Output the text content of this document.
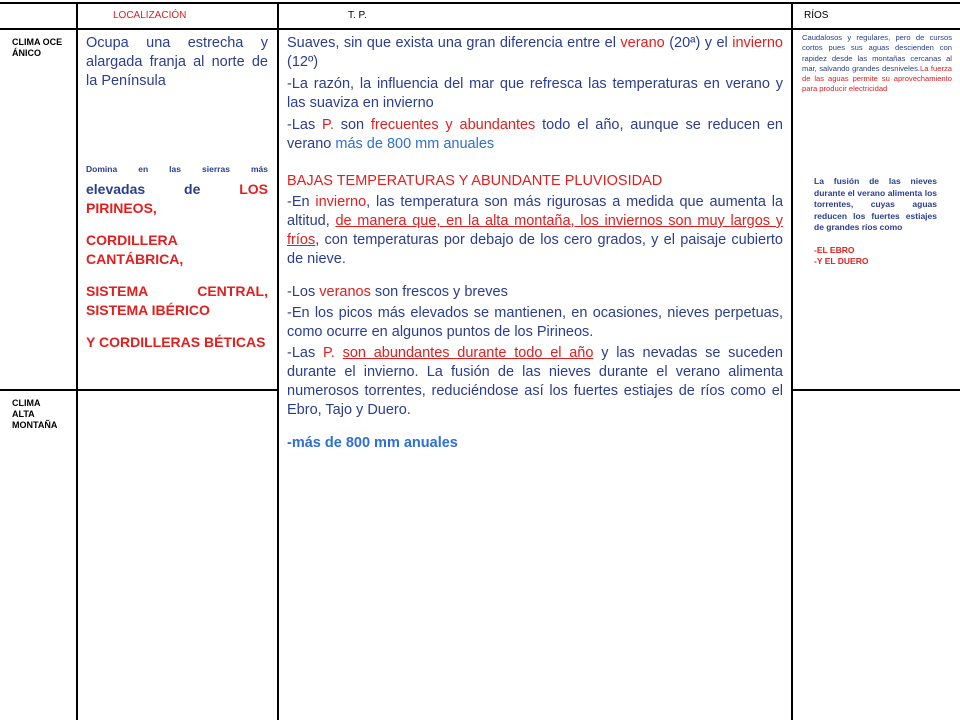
LOCALIZACIÓN	T. P.	RÍOS
CLIMA OCEÁNICO
CLIMA ALTA MONTAÑA
Ocupa una estrecha y alargada franja al norte de la Península

Suaves, sin que exista una gran diferencia entre el verano (20ª) y el invierno (12º)

-La razón, la influencia del mar que refresca las temperaturas en verano y las suaviza en invierno

-Las P. son frecuentes y abundantes todo el año, aunque se reducen en verano más de 800 mm anuales

Caudalosos y regulares, pero de cursos cortos pues sus aguas descienden con rapidez desde las montañas cercanas al mar, salvando grandes desniveles.La fuerza de las aguas permite su aprovechamiento para producir electricidad
Domina en las sierras más
elevadas de LOS PIRINEOS,
CORDILLERA CANTÁBRICA,
SISTEMA CENTRAL, SISTEMA IBÉRICO
Y CORDILLERAS BÉTICAS

BAJAS TEMPERATURAS Y ABUNDANTE PLUVIOSIDAD

-En invierno, las temperatura son más rigurosas a medida que aumenta la altitud, de manera que, en la alta montaña, los inviernos son muy largos y fríos, con temperaturas por debajo de los cero grados, y el paisaje cubierto de nieve.

-Los veranos son frescos y breves

-En los picos más elevados se mantienen, en ocasiones, nieves perpetuas, como ocurre en algunos puntos de los Pirineos.

-Las P. son abundantes durante todo el año y las nevadas se suceden durante el invierno. La fusión de las nieves durante el verano alimenta numerosos torrentes, reduciéndose así los fuertes estiajes de ríos como el Ebro, Tajo y Duero.

-más de 800 mm anuales

La fusión de las nieves durante el verano alimenta los torrentes, cuyas aguas reducen los fuertes estiajes de grandes ríos como
-EL EBRO
-Y EL DUERO
